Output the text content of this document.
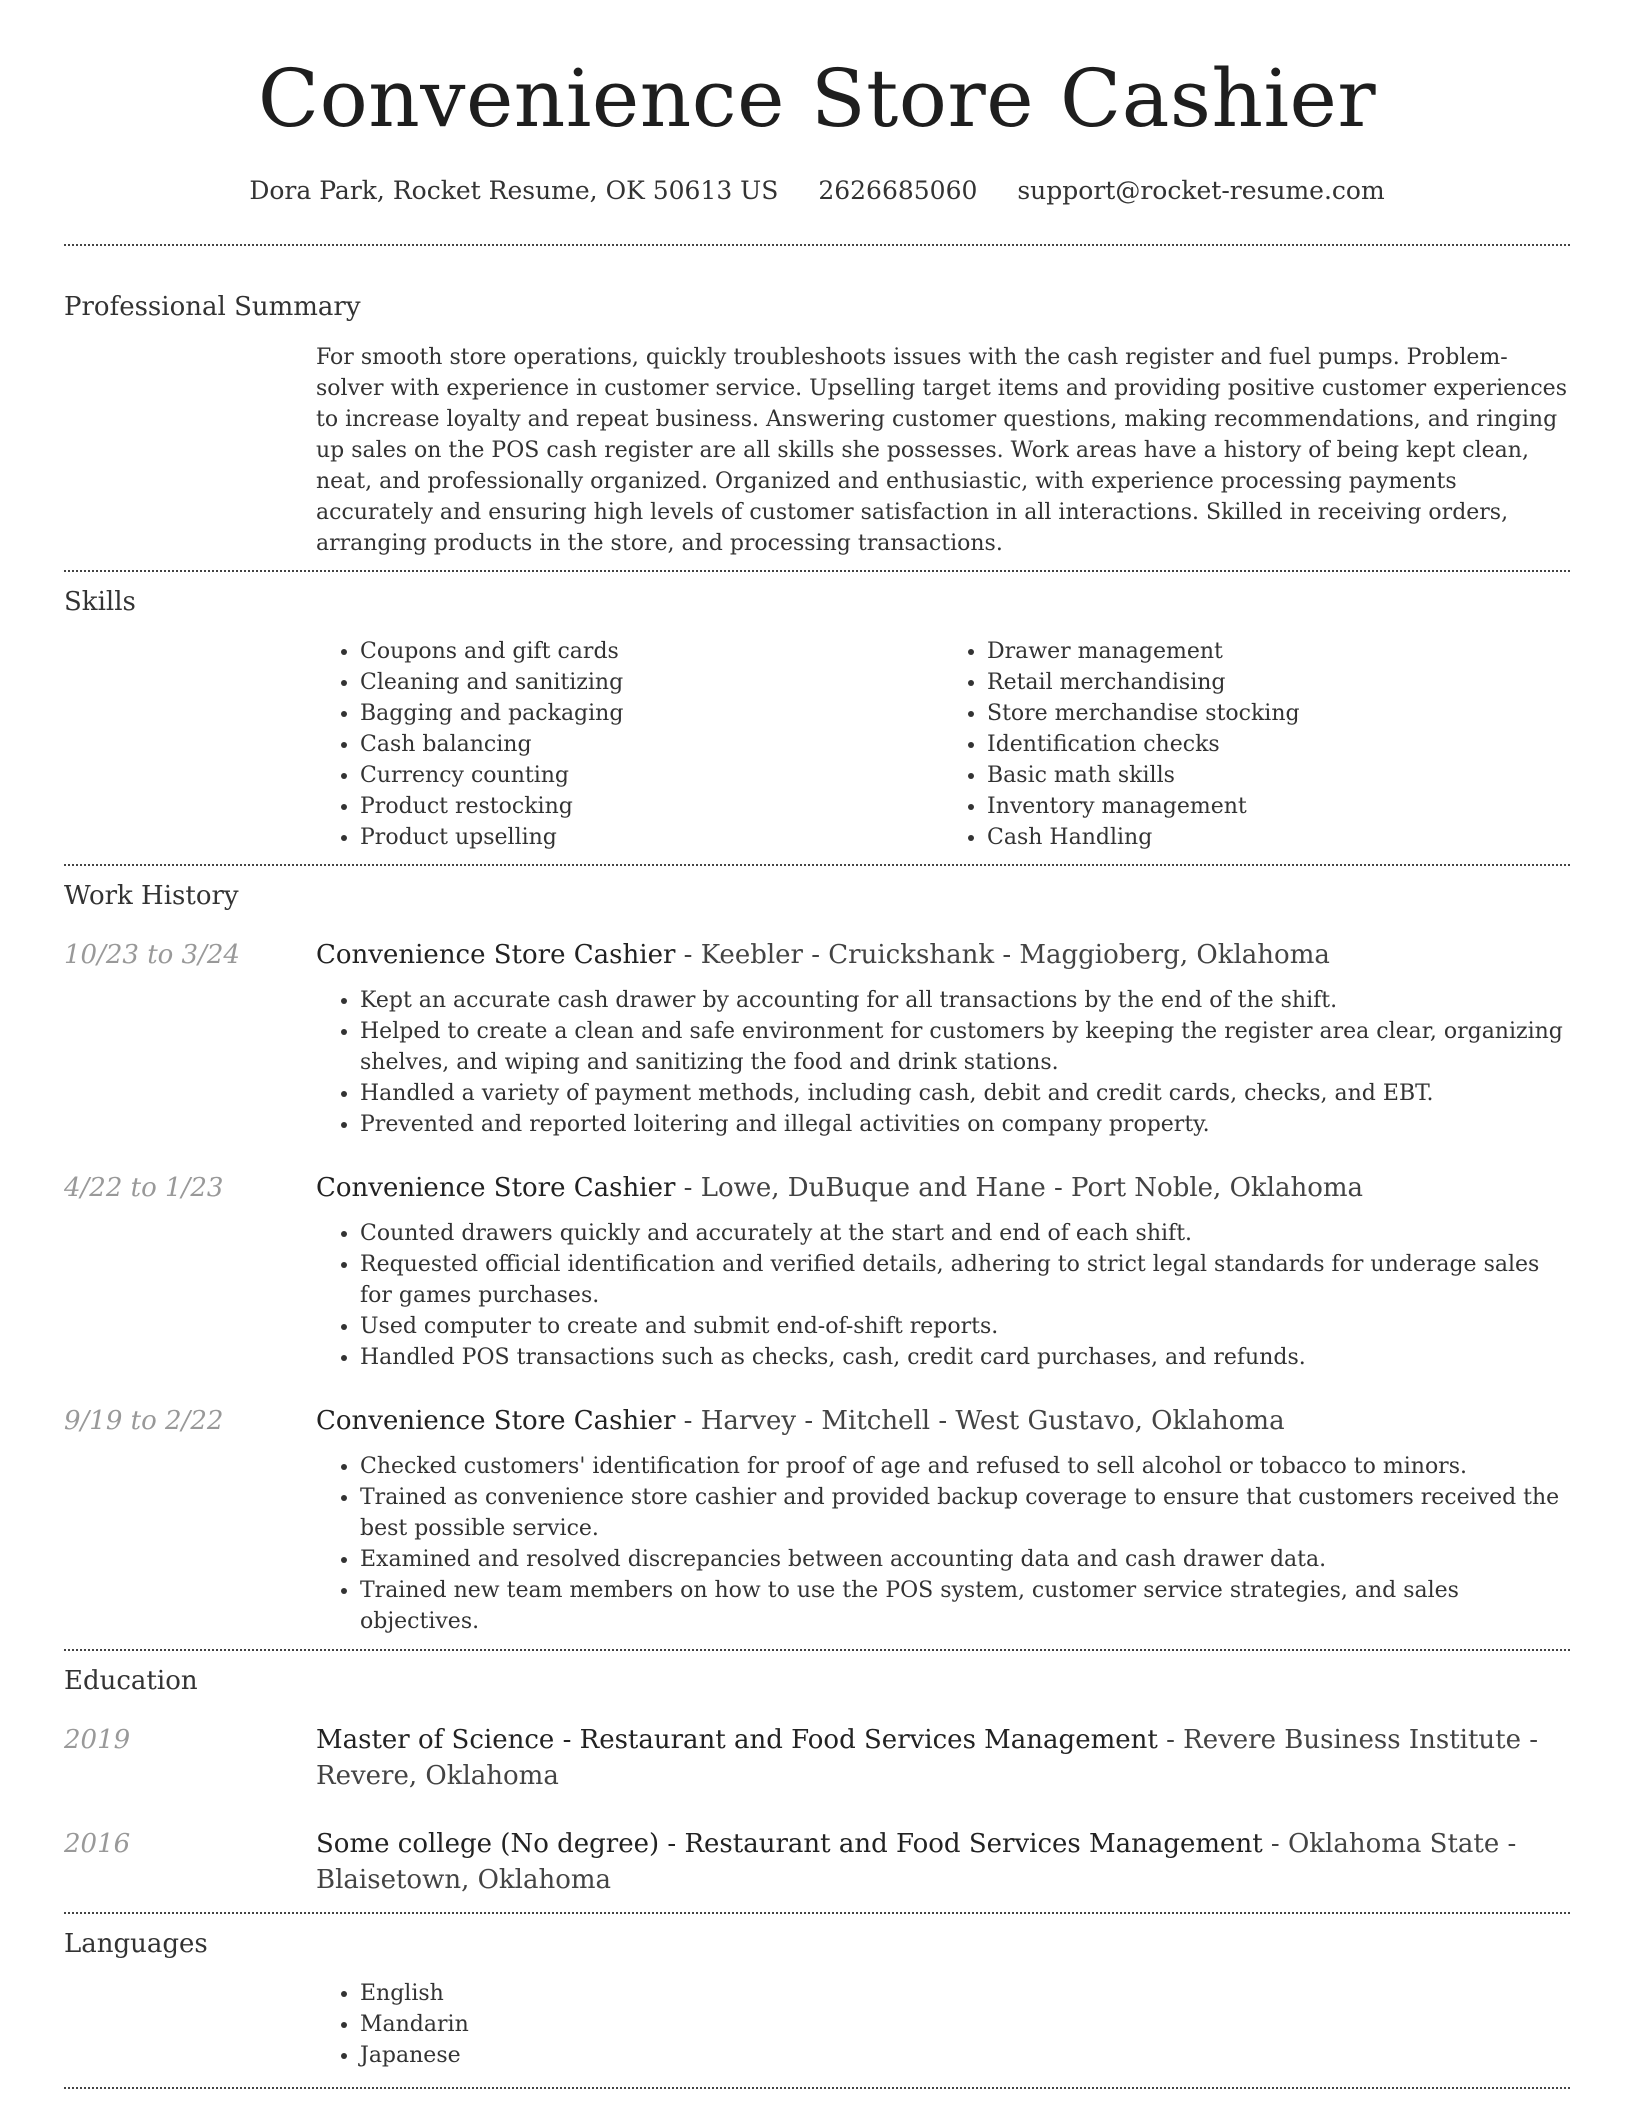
Convenience Store Cashier
Dora Park, Rocket Resume, OK 50613 US 2626685060 support@rocket-resume.com
Professional Summary
For smooth store operations, quickly troubleshoots issues with the cash register and fuel pumps. Problem-solver with experience in customer service. Upselling target items and providing positive customer experiences to increase loyalty and repeat business. Answering customer questions, making recommendations, and ringing up sales on the POS cash register are all skills she possesses. Work areas have a history of being kept clean, neat, and professionally organized. Organized and enthusiastic, with experience processing payments accurately and ensuring high levels of customer satisfaction in all interactions. Skilled in receiving orders, arranging products in the store, and processing transactions.
Skills
• Coupons and gift cards
• Cleaning and sanitizing
• Bagging and packaging
• Cash balancing
• Currency counting
• Product restocking
• Product upselling
• Drawer management
• Retail merchandising
• Store merchandise stocking
• Identification checks
• Basic math skills
• Inventory management
• Cash Handling
Work History
10/23 to 3/24	Convenience Store Cashier - Keebler - Cruickshank - Maggioberg, Oklahoma
• Kept an accurate cash drawer by accounting for all transactions by the end of the shift.
• Helped to create a clean and safe environment for customers by keeping the register area clear, organizing shelves, and wiping and sanitizing the food and drink stations.
• Handled a variety of payment methods, including cash, debit and credit cards, checks, and EBT.
• Prevented and reported loitering and illegal activities on company property.
4/22 to 1/23	Convenience Store Cashier - Lowe, DuBuque and Hane - Port Noble, Oklahoma
• Counted drawers quickly and accurately at the start and end of each shift.
• Requested official identification and verified details, adhering to strict legal standards for underage sales for games purchases.
• Used computer to create and submit end-of-shift reports.
• Handled POS transactions such as checks, cash, credit card purchases, and refunds.
9/19 to 2/22	Convenience Store Cashier - Harvey - Mitchell - West Gustavo, Oklahoma
• Checked customers' identification for proof of age and refused to sell alcohol or tobacco to minors.
• Trained as convenience store cashier and provided backup coverage to ensure that customers received the best possible service.
• Examined and resolved discrepancies between accounting data and cash drawer data.
• Trained new team members on how to use the POS system, customer service strategies, and sales objectives.
Education
2019	Master of Science - Restaurant and Food Services Management - Revere Business Institute - Revere, Oklahoma
2016	Some college (No degree) - Restaurant and Food Services Management - Oklahoma State - Blaisetown, Oklahoma
Languages
• English
• Mandarin
• Japanese
